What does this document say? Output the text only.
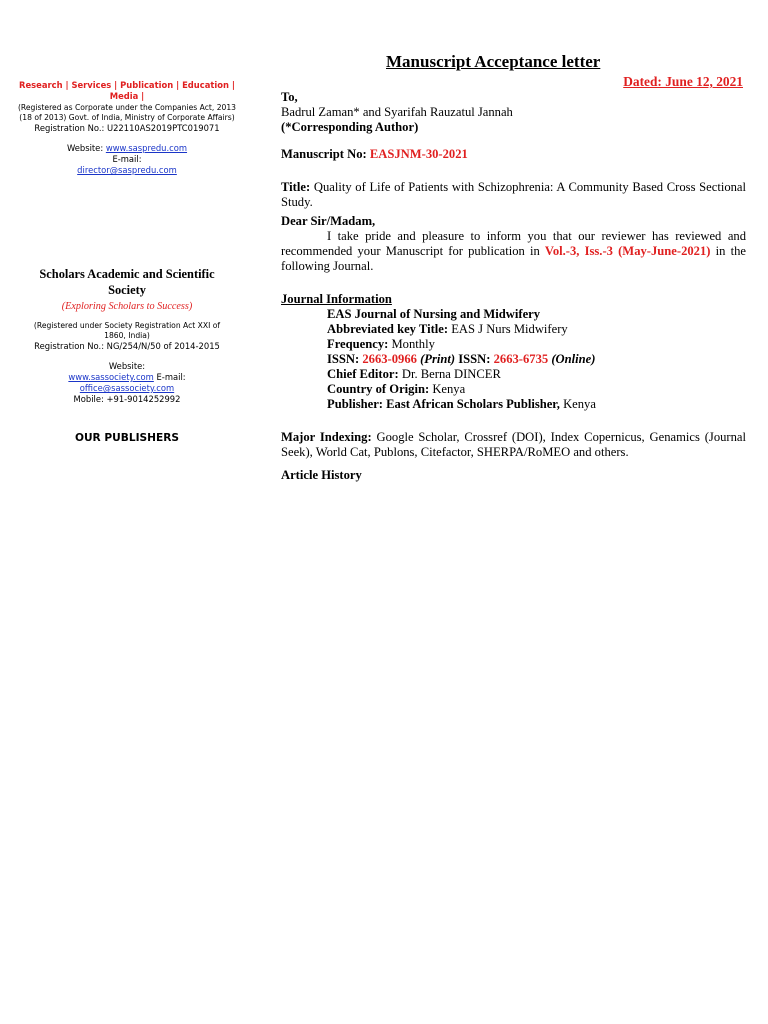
Research | Services | Publication | Education | Media |
(Registered as Corporate under the Companies Act, 2013
(18 of 2013) Govt. of India, Ministry of Corporate Affairs)
Registration No.: U22110AS2019PTC019071
Website: www.saspredu.com
E-mail:
director@saspredu.com
Scholars Academic and Scientific Society
(Exploring Scholars to Success)
(Registered under Society Registration Act XXI of
1860, India)
Registration No.: NG/254/N/50 of 2014-2015
Website:
www.sassociety.com E-mail:
office@sassociety.com
Mobile: +91-9014252992
OUR PUBLISHERS
Manuscript Acceptance letter
Dated: June 12, 2021

To,

Badrul Zaman* and Syarifah Rauzatul Jannah

(*Corresponding Author)

Manuscript No: EASJNM-30-2021

Title: Quality of Life of Patients with Schizophrenia: A Community Based Cross Sectional Study.

Dear Sir/Madam,

I take pride and pleasure to inform you that our reviewer has reviewed and recommended your Manuscript for publication in Vol.-3, Iss.-3 (May-June-2021) in the following Journal.

Journal Information

EAS Journal of Nursing and Midwifery

Abbreviated key Title: EAS J Nurs Midwifery

Frequency: Monthly

ISSN: 2663-0966 (Print) ISSN: 2663-6735 (Online)

Chief Editor: Dr. Berna DINCER

Country of Origin: Kenya

Publisher: East African Scholars Publisher, Kenya

Major Indexing: Google Scholar, Crossref (DOI), Index Copernicus, Genamics (Journal Seek), World Cat, Publons, Citefactor, SHERPA/RoMEO and others.

Article History
